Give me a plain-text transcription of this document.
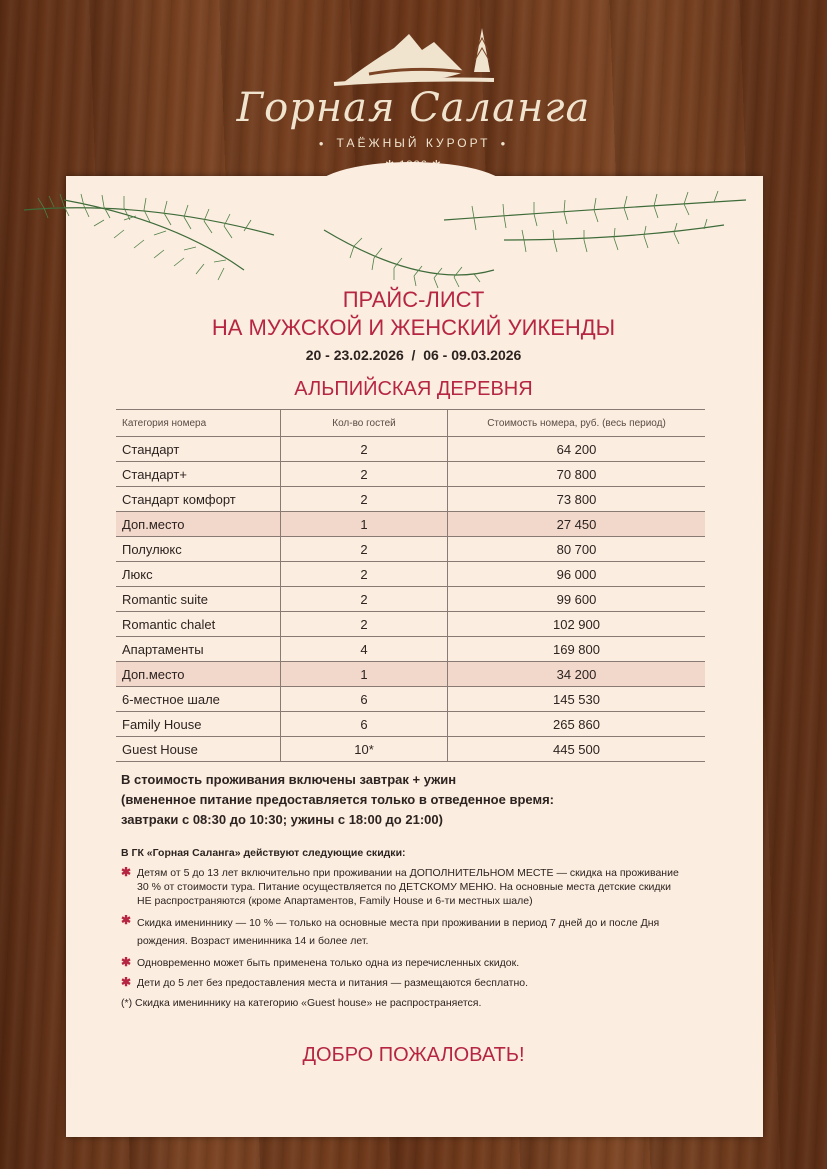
Горная Саланга
● ТАЁЖНЫЙ КУРОРТ ●
ПРАЙС-ЛИСТ
НА МУЖСКОЙ И ЖЕНСКИЙ УИКЕНДЫ
20 - 23.02.2026  /  06 - 09.03.2026
АЛЬПИЙСКАЯ ДЕРЕВНЯ
Категория номера	Кол-во гостей	Стоимость номера, руб. (весь период)
Стандарт	2	64 200
Стандарт+	2	70 800
Стандарт комфорт	2	73 800
Доп.место	1	27 450
Полулюкс	2	80 700
Люкс	2	96 000
Romantic suite	2	99 600
Romantic chalet	2	102 900
Апартаменты	4	169 800
Доп.место	1	34 200
6-местное шале	6	145 530
Family House	6	265 860
Guest House	10*	445 500
В стоимость проживания включены завтрак + ужин
(вмененное питание предоставляется только в отведенное время:
завтраки с 08:30 до 10:30; ужины с 18:00 до 21:00)
В ГК «Горная Саланга» действуют следующие скидки:
✱ Детям от 5 до 13 лет включительно при проживании на ДОПОЛНИТЕЛЬНОМ МЕСТЕ — скидка на проживание 30 % от стоимости тура. Питание осуществляется по ДЕТСКОМУ МЕНЮ. На основные места детские скидки НЕ распространяются (кроме Апартаментов, Family House и 6-ти местных шале)
✱ Скидка имениннику — 10 % — только на основные места при проживании в период 7 дней до и после Дня рождения. Возраст именинника 14 и более лет.
✱ Одновременно может быть применена только одна из перечисленных скидок.
✱ Дети до 5 лет без предоставления места и питания — размещаются бесплатно.
(*) Скидка имениннику на категорию «Guest house» не распространяется.
ДОБРО ПОЖАЛОВАТЬ!
